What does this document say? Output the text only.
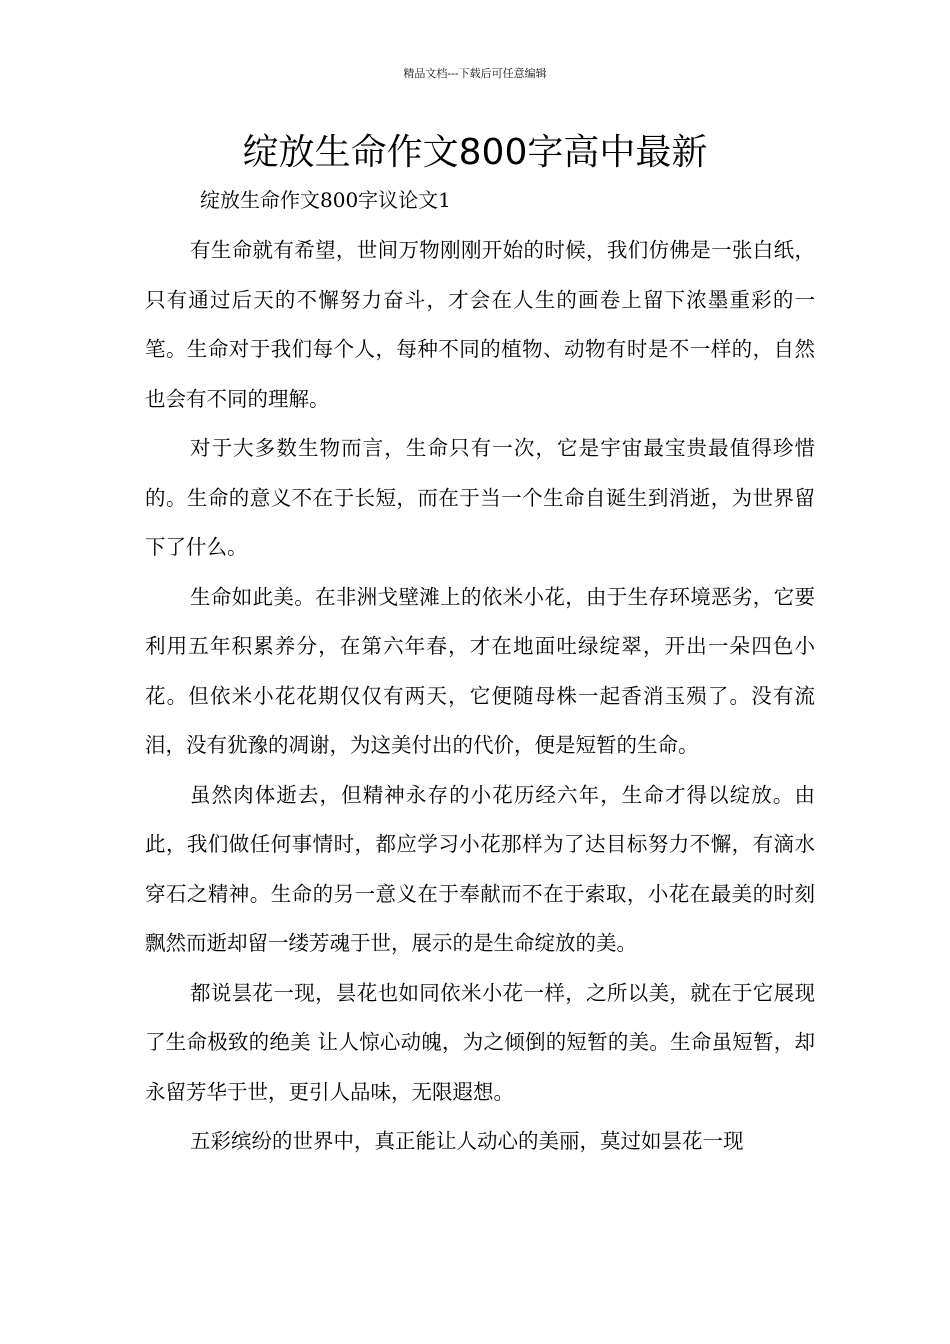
精品文档---下载后可任意编辑
绽放生命作文800字高中最新

绽放生命作文800字议论文1

有生命就有希望，世间万物刚刚开始的时候，我们仿佛是一张白纸，只有通过后天的不懈努力奋斗，才会在人生的画卷上留下浓墨重彩的一笔。生命对于我们每个人，每种不同的植物、动物有时是不一样的，自然也会有不同的理解。

对于大多数生物而言，生命只有一次，它是宇宙最宝贵最值得珍惜的。生命的意义不在于长短，而在于当一个生命自诞生到消逝，为世界留下了什么。

生命如此美。在非洲戈壁滩上的依米小花，由于生存环境恶劣，它要利用五年积累养分，在第六年春，才在地面吐绿绽翠，开出一朵四色小花。但依米小花花期仅仅有两天，它便随母株一起香消玉殒了。没有流泪，没有犹豫的凋谢，为这美付出的代价，便是短暂的生命。

虽然肉体逝去，但精神永存的小花历经六年，生命才得以绽放。由此，我们做任何事情时，都应学习小花那样为了达目标努力不懈，有滴水穿石之精神。生命的另一意义在于奉献而不在于索取，小花在最美的时刻飘然而逝却留一缕芳魂于世，展示的是生命绽放的美。

都说昙花一现，昙花也如同依米小花一样，之所以美，就在于它展现了生命极致的绝美 让人惊心动魄，为之倾倒的短暂的美。生命虽短暂，却永留芳华于世，更引人品味，无限遐想。

五彩缤纷的世界中，真正能让人动心的美丽，莫过如昙花一现
